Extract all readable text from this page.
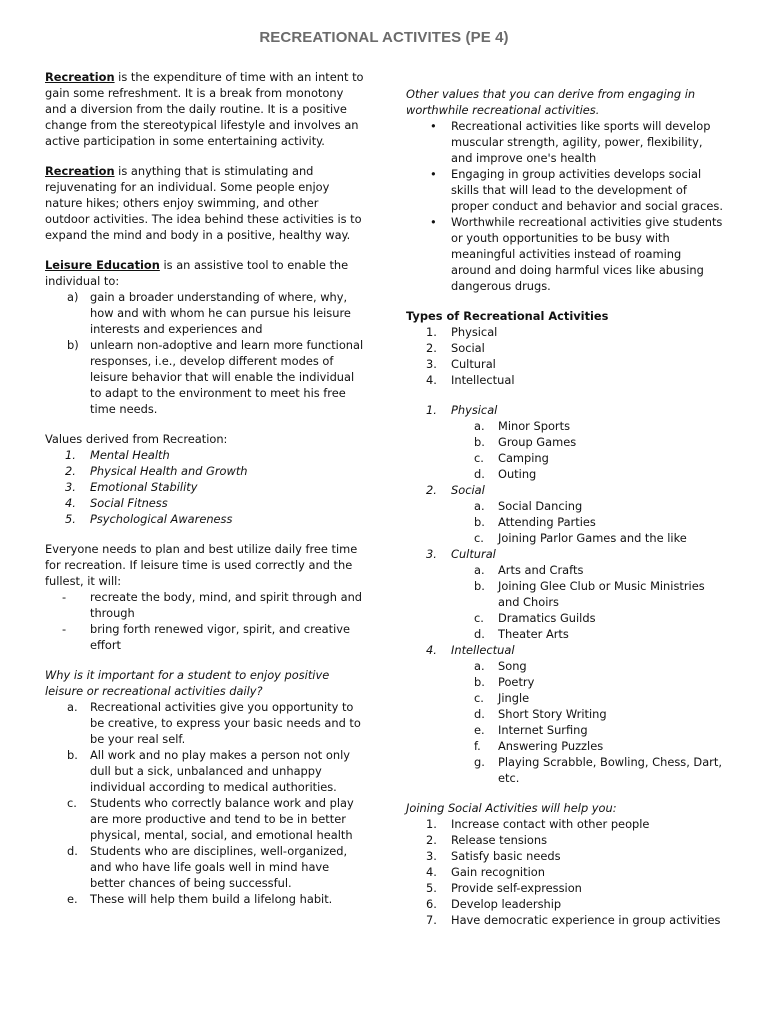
RECREATIONAL ACTIVITES (PE 4)

Recreation is the expenditure of time with an intent to gain some refreshment. It is a break from monotony and a diversion from the daily routine. It is a positive change from the stereotypical lifestyle and involves an active participation in some entertaining activity.

Recreation is anything that is stimulating and rejuvenating for an individual. Some people enjoy nature hikes; others enjoy swimming, and other outdoor activities. The idea behind these activities is to expand the mind and body in a positive, healthy way.

Leisure Education is an assistive tool to enable the individual to:

a)	gain a broader understanding of where, why, how and with whom he can pursue his leisure interests and experiences and
b) unlearn non-adoptive and learn more functional responses, i.e., develop different modes of leisure behavior that will enable the individual to adapt to the environment to meet his free time needs.

Values derived from Recreation:

1.	Mental Health
2.	Physical Health and Growth
3.	Emotional Stability
4.	Social Fitness
5.	Psychological Awareness

Everyone needs to plan and best utilize daily free time for recreation. If leisure time is used correctly and the fullest, it will:

-	recreate the body, mind, and spirit through and through
-	bring forth renewed vigor, spirit, and creative effort

Why is it important for a student to enjoy positive leisure or recreational activities daily?

a.	Recreational activities give you opportunity to be creative, to express your basic needs and to be your real self.
b.	All work and no play makes a person not only dull but a sick, unbalanced and unhappy individual according to medical authorities.
c.	Students who correctly balance work and play are more productive and tend to be in better physical, mental, social, and emotional health
d.	Students who are disciplines, well-organized, and who have life goals well in mind have better chances of being successful.
e.	These will help them build a lifelong habit.

Other values that you can derive from engaging in worthwhile recreational activities.

•	Recreational activities like sports will develop muscular strength, agility, power, flexibility, and improve one's health
•	Engaging in group activities develops social skills that will lead to the development of proper conduct and behavior and social graces.
•	Worthwhile recreational activities give students or youth opportunities to be busy with meaningful activities instead of roaming around and doing harmful vices like abusing dangerous drugs.

Types of Recreational Activities

1.	Physical
2.	Social
3.	Cultural
4.	Intellectual
1.	Physical
a.	Minor Sports
b.	Group Games
c.	Camping
d.	Outing
2.	Social
a.	Social Dancing
b.	Attending Parties
c.	Joining Parlor Games and the like
3.	Cultural
a.	Arts and Crafts
b.	Joining Glee Club or Music Ministries and Choirs
c.	Dramatics Guilds
d.	Theater Arts
4.	Intellectual
a.	Song
b.	Poetry
c.	Jingle
d.	Short Story Writing
e.	Internet Surfing
f.	Answering Puzzles
g.	Playing Scrabble, Bowling, Chess, Dart, etc.

Joining Social Activities will help you:

1.	Increase contact with other people
2.	Release tensions
3.	Satisfy basic needs
4.	Gain recognition
5.	Provide self-expression
6.	Develop leadership
7.	Have democratic experience in group activities
